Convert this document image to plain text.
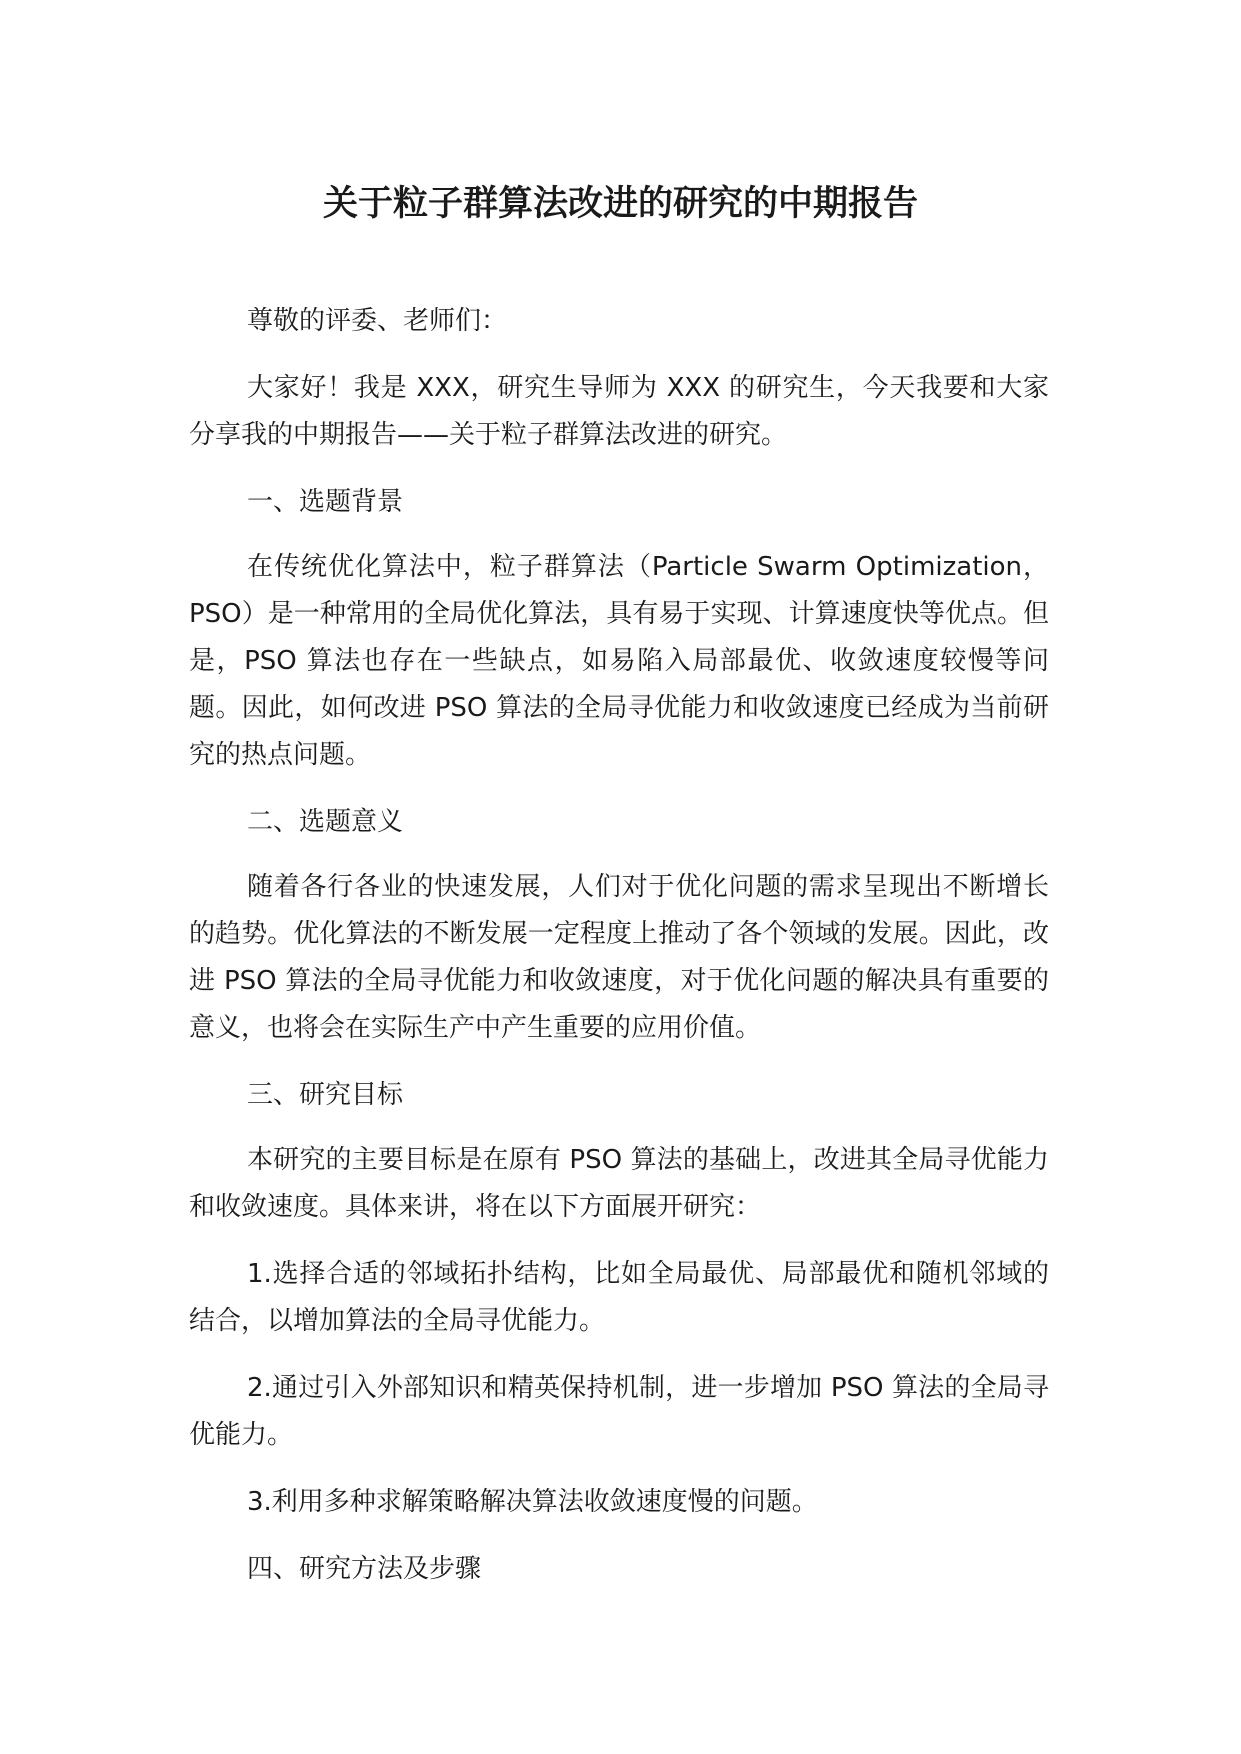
关于粒子群算法改进的研究的中期报告

尊敬的评委、老师们：

大家好！我是 XXX，研究生导师为 XXX 的研究生，今天我要和大家分享我的中期报告——关于粒子群算法改进的研究。

一、选题背景

在传统优化算法中，粒子群算法（Particle Swarm Optimization，PSO）是一种常用的全局优化算法，具有易于实现、计算速度快等优点。但是，PSO 算法也存在一些缺点，如易陷入局部最优、收敛速度较慢等问题。因此，如何改进 PSO 算法的全局寻优能力和收敛速度已经成为当前研究的热点问题。

二、选题意义

随着各行各业的快速发展，人们对于优化问题的需求呈现出不断增长的趋势。优化算法的不断发展一定程度上推动了各个领域的发展。因此，改进 PSO 算法的全局寻优能力和收敛速度，对于优化问题的解决具有重要的意义，也将会在实际生产中产生重要的应用价值。

三、研究目标

本研究的主要目标是在原有 PSO 算法的基础上，改进其全局寻优能力和收敛速度。具体来讲，将在以下方面展开研究：

1.选择合适的邻域拓扑结构，比如全局最优、局部最优和随机邻域的结合，以增加算法的全局寻优能力。

2.通过引入外部知识和精英保持机制，进一步增加 PSO 算法的全局寻优能力。

3.利用多种求解策略解决算法收敛速度慢的问题。

四、研究方法及步骤
